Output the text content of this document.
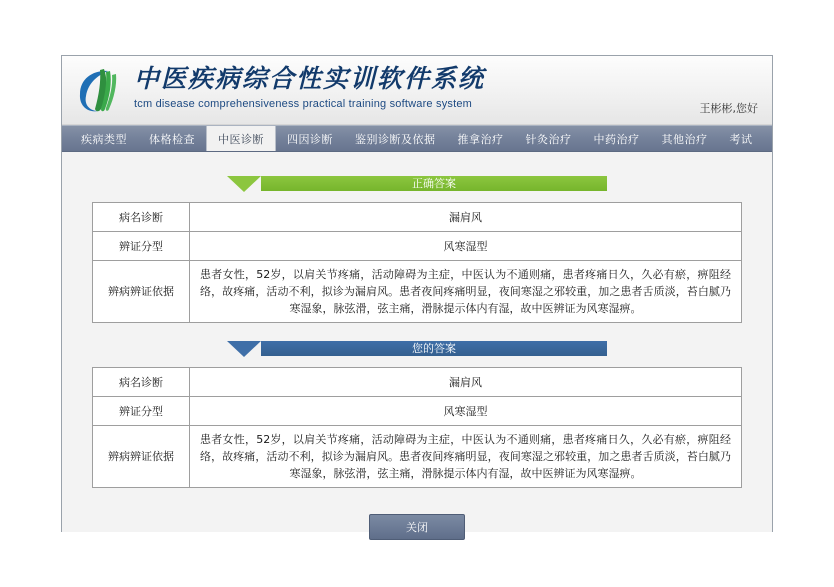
中医疾病综合性实训软件系统
tcm disease comprehensiveness practical training software system	王彬彬,您好
疾病类型	体格检查	中医诊断	四因诊断	鉴别诊断及依据	推拿治疗	针灸治疗	中药治疗	其他治疗	考试
正确答案
病名诊断	漏肩风
辨证分型	风寒湿型
辨病辨证依据	患者女性，52岁，以肩关节疼痛，活动障碍为主症，中医认为不通则痛，患者疼痛日久，久必有瘀，痹阻经络，故疼痛，活动不利，拟诊为漏肩风。患者夜间疼痛明显，夜间寒湿之邪较重，加之患者舌质淡，苔白腻乃寒湿象，脉弦滑，弦主痛，滑脉提示体内有湿，故中医辨证为风寒湿痹。
您的答案
病名诊断	漏肩风
辨证分型	风寒湿型
辨病辨证依据	患者女性，52岁，以肩关节疼痛，活动障碍为主症，中医认为不通则痛，患者疼痛日久，久必有瘀，痹阻经络，故疼痛，活动不利，拟诊为漏肩风。患者夜间疼痛明显，夜间寒湿之邪较重，加之患者舌质淡，苔白腻乃寒湿象，脉弦滑，弦主痛，滑脉提示体内有湿，故中医辨证为风寒湿痹。
关闭
